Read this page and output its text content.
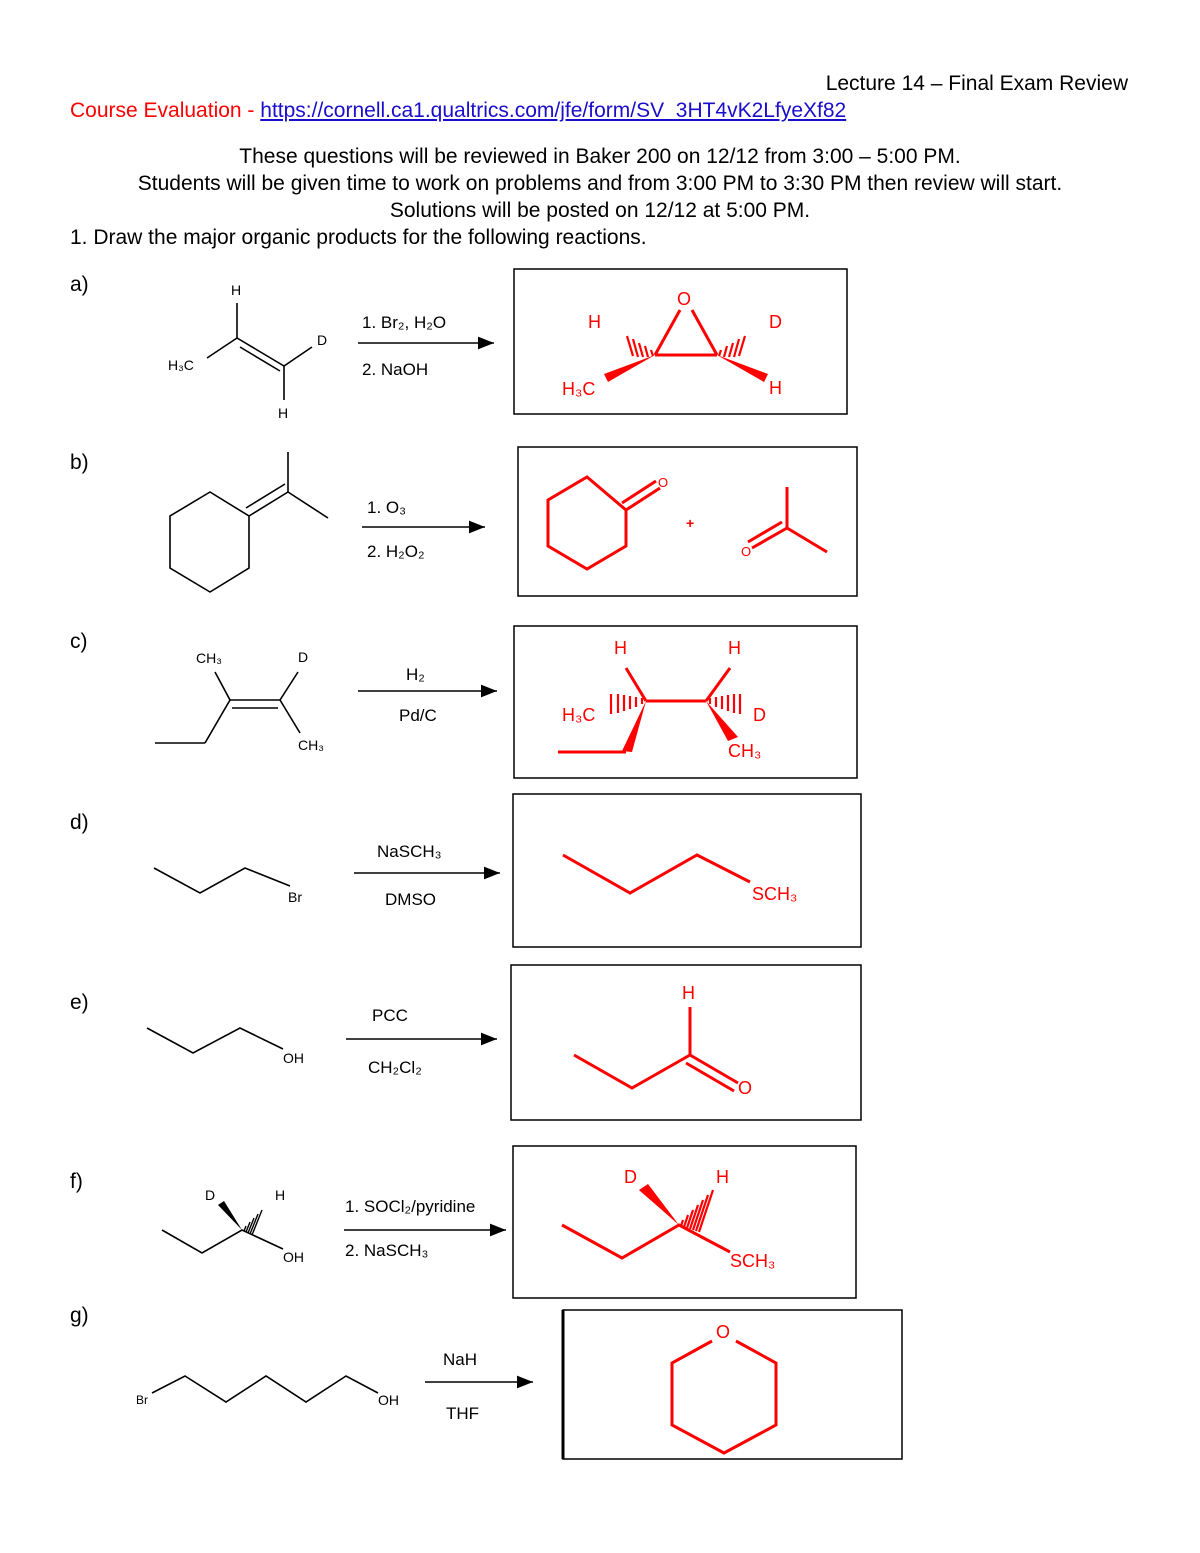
Lecture 14 – Final Exam Review
Course Evaluation - https://cornell.ca1.qualtrics.com/jfe/form/SV_3HT4vK2LfyeXf82
These questions will be reviewed in Baker 200 on 12/12 from 3:00 – 5:00 PM.
Students will be given time to work on problems and from 3:00 PM to 3:30 PM then review will start.
Solutions will be posted on 12/12 at 5:00 PM.
1. Draw the major organic products for the following reactions.
a)
b)
c)
d)
e)
f)
g)
H
H₃C
D
H
1. Br₂, H₂O
2. NaOH
O
H	D
H₃C	H
1. O₃
2. H₂O₂
O
+
O
CH₃	D
CH₃
H₂
Pd/C
H	H
H₃C	D
CH₃
Br
NaSCH₃
DMSO	SCH₃
OH
PCC
CH₂Cl₂
H
O
D	H
OH
1. SOCl₂/pyridine
2. NaSCH₃
D	H
SCH₃
Br	OH
NaH
THF
O
